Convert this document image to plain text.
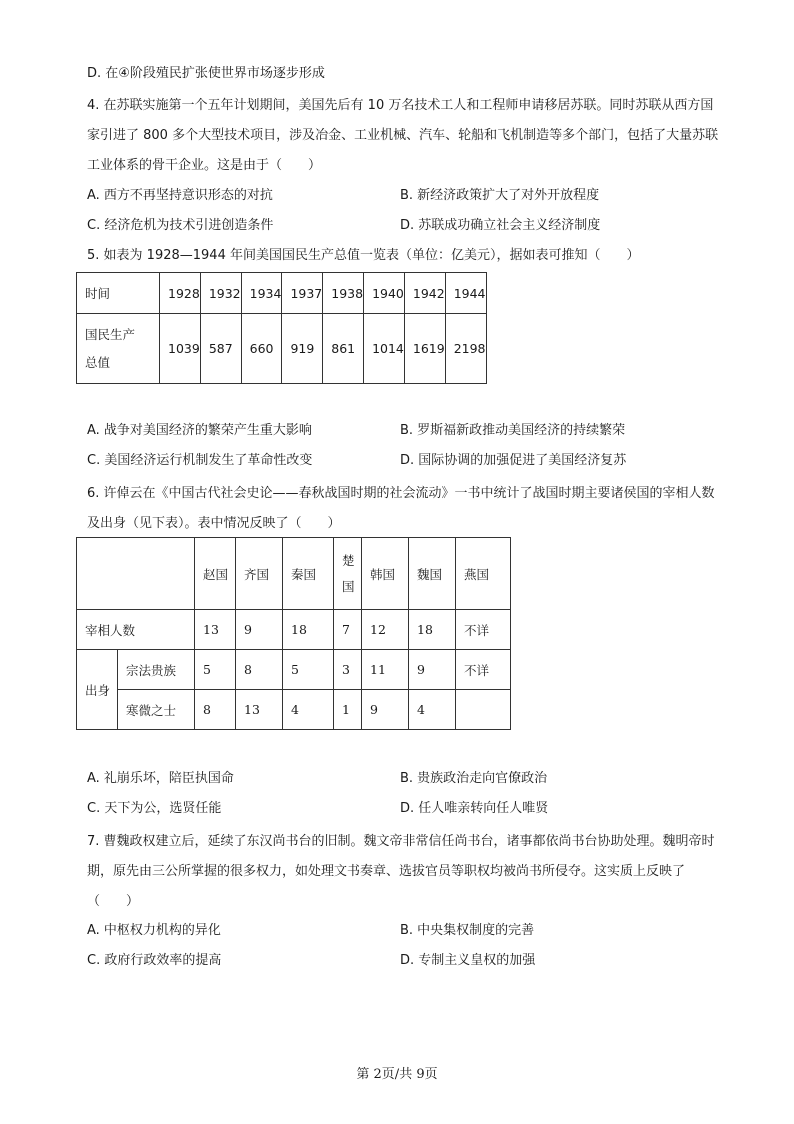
D. 在④阶段殖民扩张使世界市场逐步形成
4. 在苏联实施第一个五年计划期间，美国先后有 10 万名技术工人和工程师申请移居苏联。同时苏联从西方国家引进了 800 多个大型技术项目，涉及冶金、工业机械、汽车、轮船和飞机制造等多个部门，包括了大量苏联工业体系的骨干企业。这是由于（　　）
A. 西方不再坚持意识形态的对抗	B. 新经济政策扩大了对外开放程度
C. 经济危机为技术引进创造条件	D. 苏联成功确立社会主义经济制度
5. 如表为 1928—1944 年间美国国民生产总值一览表（单位：亿美元），据如表可推知（　　）
时间	1928	1932	1934	1937	1938	1940	1942	1944

国民生产
总值	1039	587	660	919	861	1014	1619	2198
A. 战争对美国经济的繁荣产生重大影响	B. 罗斯福新政推动美国经济的持续繁荣
C. 美国经济运行机制发生了革命性改变	D. 国际协调的加强促进了美国经济复苏
6. 许倬云在《中国古代社会史论——春秋战国时期的社会流动》一书中统计了战国时期主要诸侯国的宰相人数及出身（见下表）。表中情况反映了（　　）
		赵国	齐国	秦国	楚国	韩国	魏国	燕国
宰相人数		13	9	18	7	12	18	不详
出身	宗法贵族	5	8	5	3	11	9	不详
	寒微之士	8	13	4	1	9	4	
A. 礼崩乐坏，陪臣执国命	B. 贵族政治走向官僚政治
C. 天下为公，选贤任能	D. 任人唯亲转向任人唯贤
7. 曹魏政权建立后，延续了东汉尚书台的旧制。魏文帝非常信任尚书台，诸事都依尚书台协助处理。魏明帝时期，原先由三公所掌握的很多权力，如处理文书奏章、选拔官员等职权均被尚书所侵夺。这实质上反映了（　　）
A. 中枢权力机构的异化	B. 中央集权制度的完善
C. 政府行政效率的提高	D. 专制主义皇权的加强
第 2页/共 9页
